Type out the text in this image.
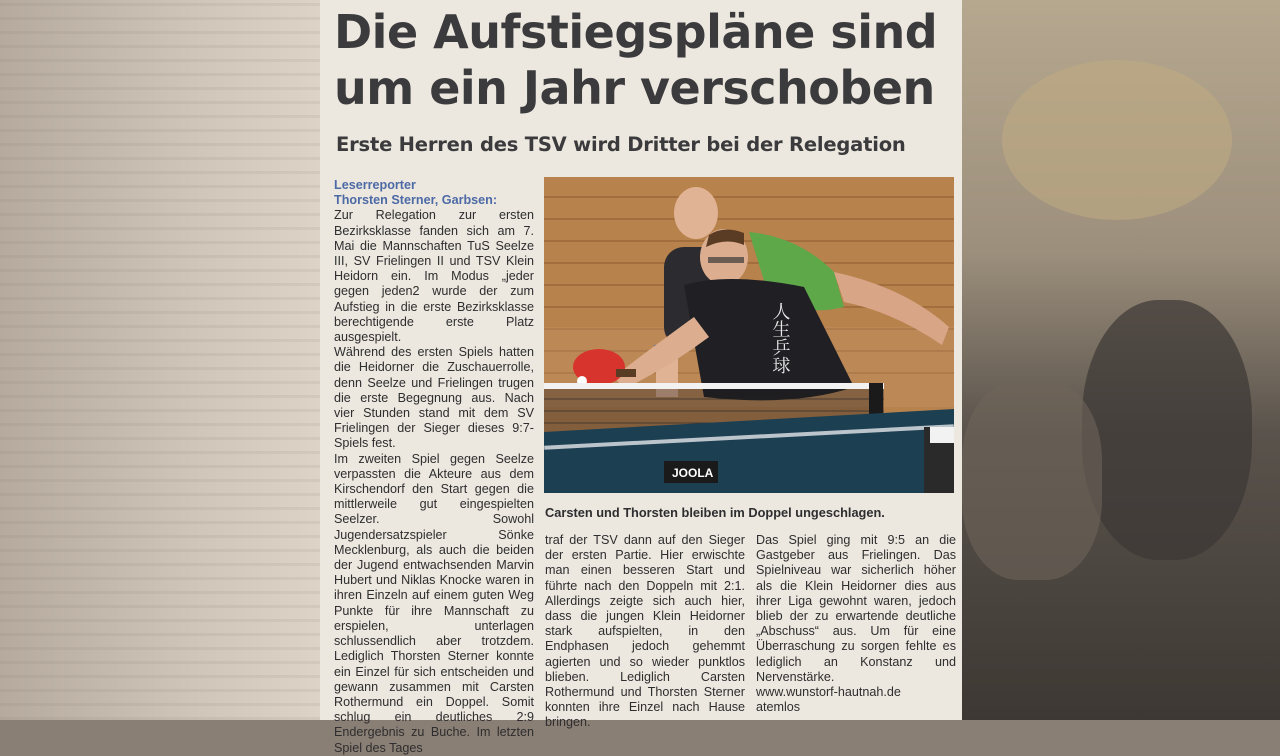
Die Aufstiegspläne sind
um ein Jahr verschoben
Erste Herren des TSV wird Dritter bei der Relegation
Leserreporter
Thorsten Sterner, Garbsen:

Zur Relegation zur ersten Bezirksklasse fanden sich am 7. Mai die Mannschaften TuS Seelze III, SV Frielingen II und TSV Klein Heidorn ein. Im Modus „jeder gegen jeden2 wurde der zum Aufstieg in die erste Bezirksklasse berechtigende erste Platz ausgespielt.

Während des ersten Spiels hatten die Heidorner die Zuschauerrolle, denn Seelze und Frielingen trugen die erste Begegnung aus. Nach vier Stunden stand mit dem SV Frielingen der Sieger dieses 9:7-Spiels fest.

Im zweiten Spiel gegen Seelze verpassten die Akteure aus dem Kirschendorf den Start gegen die mittlerweile gut eingespielten Seelzer. Sowohl Jugendersatzspieler Sönke Mecklenburg, als auch die beiden der Jugend entwachsenden Marvin Hubert und Niklas Knocke waren in ihren Einzeln auf einem guten Weg Punkte für ihre Mannschaft zu erspielen, unterlagen schlussendlich aber trotzdem. Lediglich Thorsten Sterner konnte ein Einzel für sich entscheiden und gewann zusammen mit Carsten Rothermund ein Doppel. Somit schlug ein deutliches 2:9 Endergebnis zu Buche. Im letzten Spiel des Tages

人生乒球
JOOLA
Carsten und Thorsten bleiben im Doppel ungeschlagen.

traf der TSV dann auf den Sieger der ersten Partie. Hier erwischte man einen besseren Start und führte nach den Doppeln mit 2:1. Allerdings zeigte sich auch hier, dass die jungen Klein Heidorner stark aufspielten, in den Endphasen jedoch gehemmt agierten und so wieder punktlos blieben. Lediglich Carsten Rothermund und Thorsten Sterner konnten ihre Einzel nach Hause bringen.

Das Spiel ging mit 9:5 an die Gastgeber aus Frielingen. Das Spielniveau war sicherlich höher als die Klein Heidorner dies aus ihrer Liga gewohnt waren, jedoch blieb der zu erwartende deutliche „Abschuss“ aus. Um für eine Überraschung zu sorgen fehlte es lediglich an Konstanz und Nervenstärke.

www.wunstorf-hautnah.de

atemlos
